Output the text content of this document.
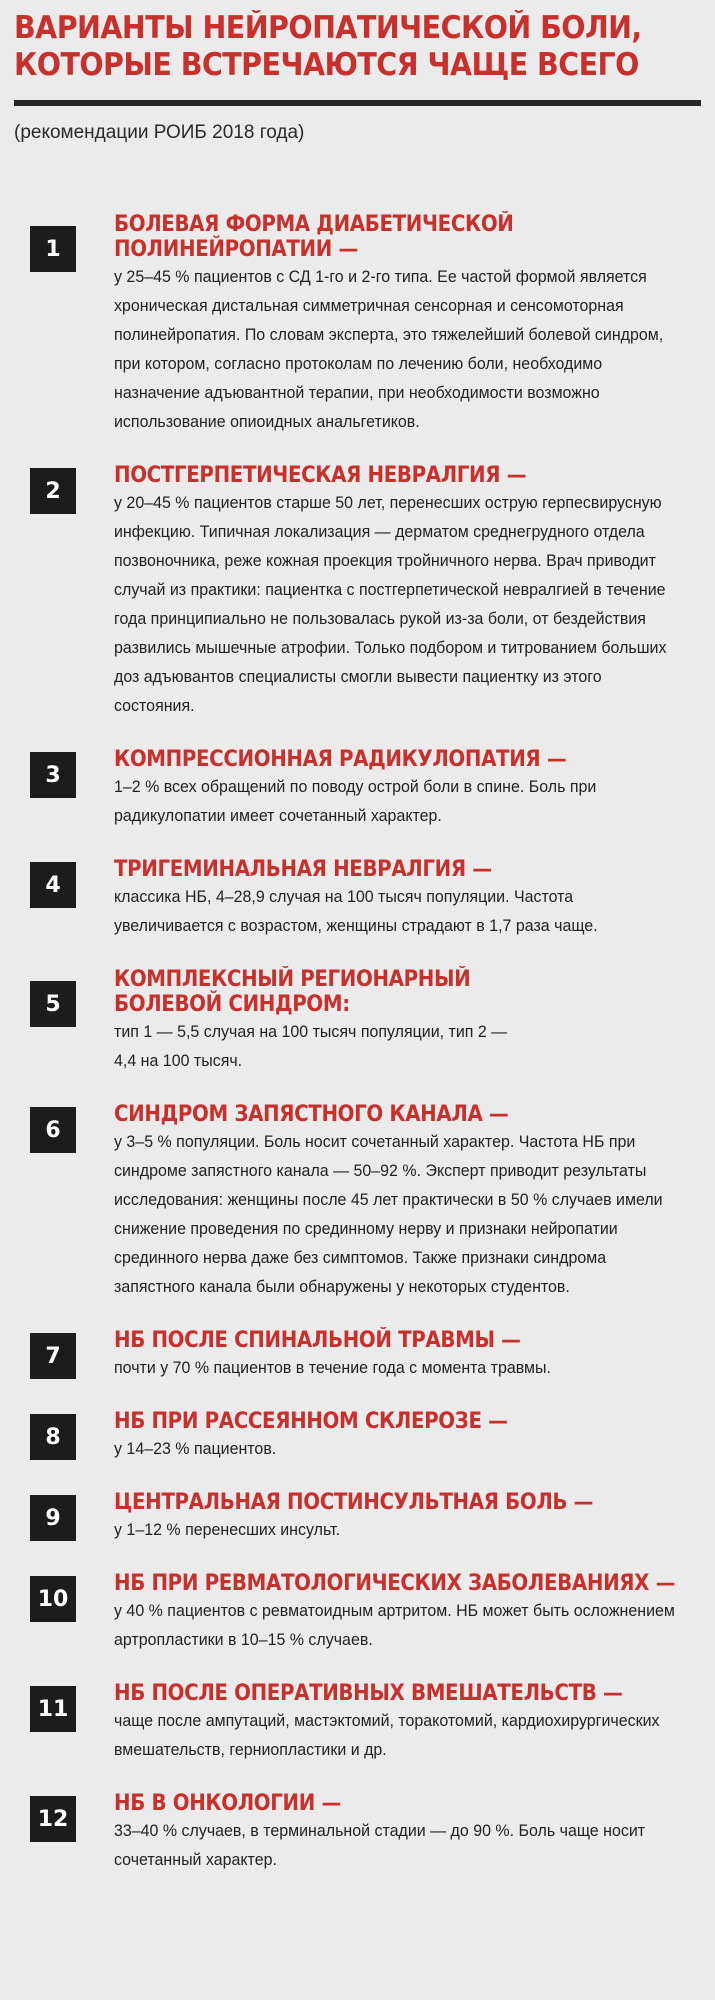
ВАРИАНТЫ НЕЙРОПАТИЧЕСКОЙ БОЛИ, КОТОРЫЕ ВСТРЕЧАЮТСЯ ЧАЩЕ ВСЕГО
(рекомендации РОИБ 2018 года)
1
БОЛЕВАЯ ФОРМА ДИАБЕТИЧЕСКОЙ ПОЛИНЕЙРОПАТИИ —
у 25–45 % пациентов с СД 1-го и 2-го типа. Ее частой формой является хроническая дистальная симметричная сенсорная и сенсомоторная полинейропатия. По словам эксперта, это тяжелейший болевой синдром, при котором, согласно протоколам по лечению боли, необходимо назначение адъювантной терапии, при необходимости возможно использование опиоидных анальгетиков.
2
ПОСТГЕРПЕТИЧЕСКАЯ НЕВРАЛГИЯ —
у 20–45 % пациентов старше 50 лет, перенесших острую герпесвирусную инфекцию. Типичная локализация — дерматом среднегрудного отдела позвоночника, реже кожная проекция тройничного нерва. Врач приводит случай из практики: пациентка с постгерпетической невралгией в течение года принципиально не пользовалась рукой из-за боли, от бездействия развились мышечные атрофии. Только подбором и титрованием больших доз адъювантов специалисты смогли вывести пациентку из этого состояния.
3
КОМПРЕССИОННАЯ РАДИКУЛОПАТИЯ —
1–2 % всех обращений по поводу острой боли в спине. Боль при радикулопатии имеет сочетанный характер.
4
ТРИГЕМИНАЛЬНАЯ НЕВРАЛГИЯ —
классика НБ, 4–28,9 случая на 100 тысяч популяции. Частота увеличивается с возрастом, женщины страдают в 1,7 раза чаще.
5
КОМПЛЕКСНЫЙ РЕГИОНАРНЫЙ БОЛЕВОЙ СИНДРОМ:
тип 1 — 5,5 случая на 100 тысяч популяции, тип 2 — 4,4 на 100 тысяч.
6
СИНДРОМ ЗАПЯСТНОГО КАНАЛА —
у 3–5 % популяции. Боль носит сочетанный характер. Частота НБ при синдроме запястного канала — 50–92 %. Эксперт приводит результаты исследования: женщины после 45 лет практически в 50 % случаев имели снижение проведения по срединному нерву и признаки нейропатии срединного нерва даже без симптомов. Также признаки синдрома запястного канала были обнаружены у некоторых студентов.
7
НБ ПОСЛЕ СПИНАЛЬНОЙ ТРАВМЫ —
почти у 70 % пациентов в течение года с момента травмы.
8
НБ ПРИ РАССЕЯННОМ СКЛЕРОЗЕ —
у 14–23 % пациентов.
9
ЦЕНТРАЛЬНАЯ ПОСТИНСУЛЬТНАЯ БОЛЬ —
у 1–12 % перенесших инсульт.
10
НБ ПРИ РЕВМАТОЛОГИЧЕСКИХ ЗАБОЛЕВАНИЯХ —
у 40 % пациентов с ревматоидным артритом. НБ может быть осложнением артропластики в 10–15 % случаев.
11
НБ ПОСЛЕ ОПЕРАТИВНЫХ ВМЕШАТЕЛЬСТВ —
чаще после ампутаций, мастэктомий, торакотомий, кардиохирургических вмешательств, герниопластики и др.
12
НБ В ОНКОЛОГИИ —
33–40 % случаев, в терминальной стадии — до 90 %. Боль чаще носит сочетанный характер.
